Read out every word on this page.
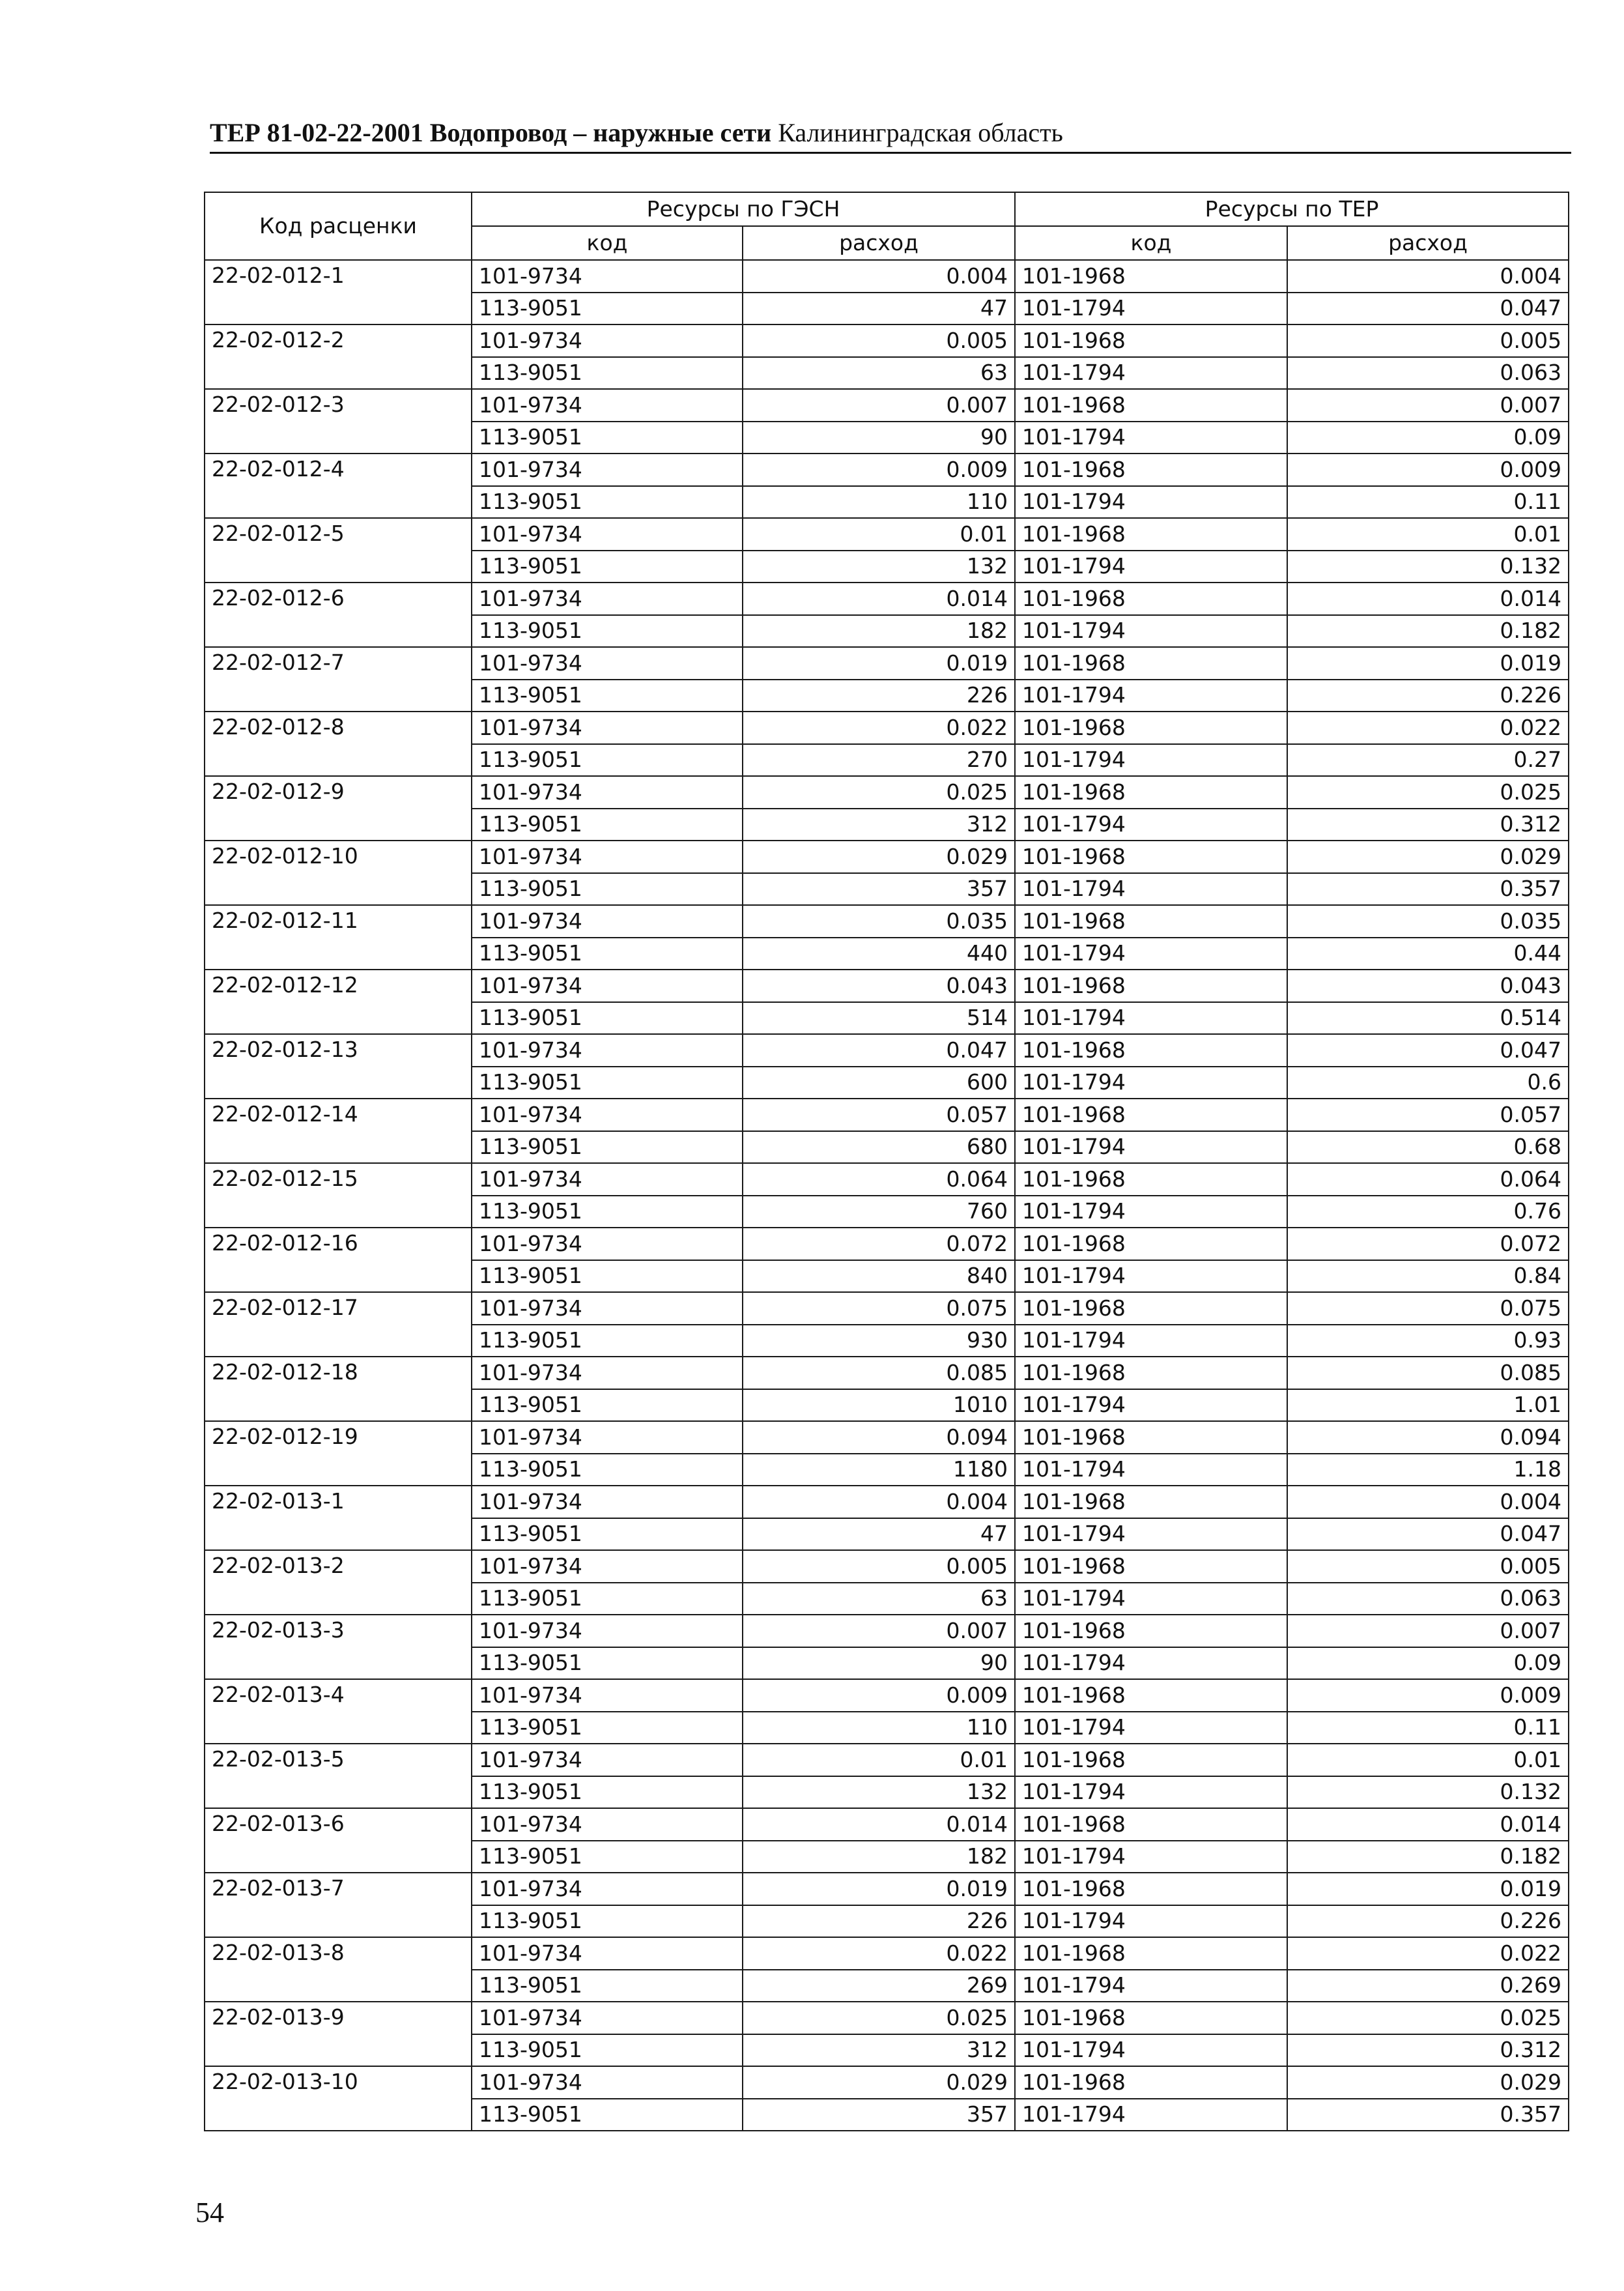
ТЕР 81-02-22-2001 Водопровод – наружные сети Калининградская область
Код расценки	Ресурсы по ГЭСН		Ресурсы по ТЕР	
	код	расход	код	расход
22-02-012-1	101-9734	0.004	101-1968	0.004
	113-9051	47	101-1794	0.047
22-02-012-2	101-9734	0.005	101-1968	0.005
	113-9051	63	101-1794	0.063
22-02-012-3	101-9734	0.007	101-1968	0.007
	113-9051	90	101-1794	0.09
22-02-012-4	101-9734	0.009	101-1968	0.009
	113-9051	110	101-1794	0.11
22-02-012-5	101-9734	0.01	101-1968	0.01
	113-9051	132	101-1794	0.132
22-02-012-6	101-9734	0.014	101-1968	0.014
	113-9051	182	101-1794	0.182
22-02-012-7	101-9734	0.019	101-1968	0.019
	113-9051	226	101-1794	0.226
22-02-012-8	101-9734	0.022	101-1968	0.022
	113-9051	270	101-1794	0.27
22-02-012-9	101-9734	0.025	101-1968	0.025
	113-9051	312	101-1794	0.312
22-02-012-10	101-9734	0.029	101-1968	0.029
	113-9051	357	101-1794	0.357
22-02-012-11	101-9734	0.035	101-1968	0.035
	113-9051	440	101-1794	0.44
22-02-012-12	101-9734	0.043	101-1968	0.043
	113-9051	514	101-1794	0.514
22-02-012-13	101-9734	0.047	101-1968	0.047
	113-9051	600	101-1794	0.6
22-02-012-14	101-9734	0.057	101-1968	0.057
	113-9051	680	101-1794	0.68
22-02-012-15	101-9734	0.064	101-1968	0.064
	113-9051	760	101-1794	0.76
22-02-012-16	101-9734	0.072	101-1968	0.072
	113-9051	840	101-1794	0.84
22-02-012-17	101-9734	0.075	101-1968	0.075
	113-9051	930	101-1794	0.93
22-02-012-18	101-9734	0.085	101-1968	0.085
	113-9051	1010	101-1794	1.01
22-02-012-19	101-9734	0.094	101-1968	0.094
	113-9051	1180	101-1794	1.18
22-02-013-1	101-9734	0.004	101-1968	0.004
	113-9051	47	101-1794	0.047
22-02-013-2	101-9734	0.005	101-1968	0.005
	113-9051	63	101-1794	0.063
22-02-013-3	101-9734	0.007	101-1968	0.007
	113-9051	90	101-1794	0.09
22-02-013-4	101-9734	0.009	101-1968	0.009
	113-9051	110	101-1794	0.11
22-02-013-5	101-9734	0.01	101-1968	0.01
	113-9051	132	101-1794	0.132
22-02-013-6	101-9734	0.014	101-1968	0.014
	113-9051	182	101-1794	0.182
22-02-013-7	101-9734	0.019	101-1968	0.019
	113-9051	226	101-1794	0.226
22-02-013-8	101-9734	0.022	101-1968	0.022
	113-9051	269	101-1794	0.269
22-02-013-9	101-9734	0.025	101-1968	0.025
	113-9051	312	101-1794	0.312
22-02-013-10	101-9734	0.029	101-1968	0.029
	113-9051	357	101-1794	0.357
54
